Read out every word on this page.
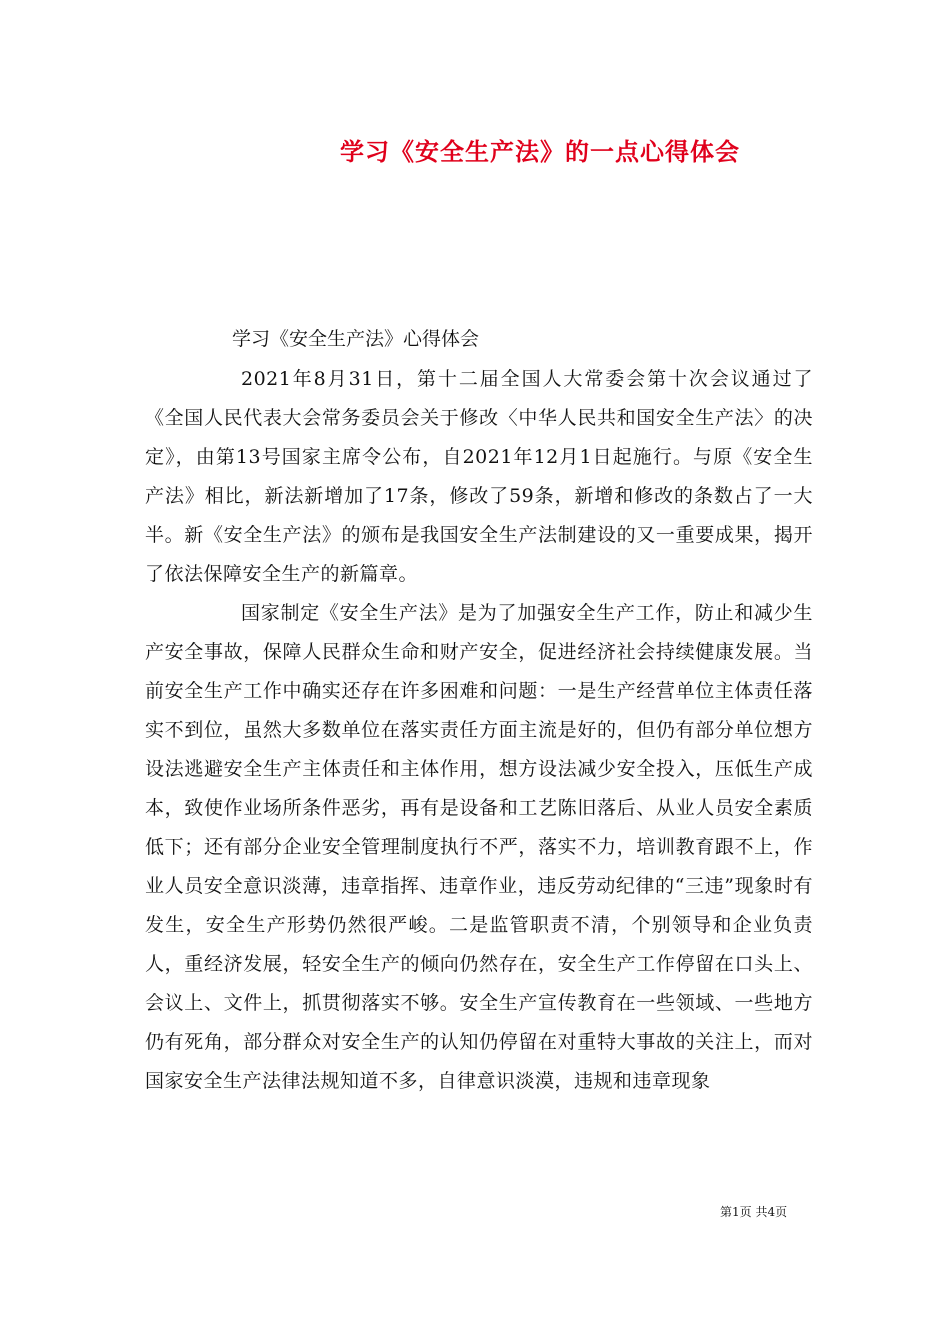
学习《安全生产法》的一点心得体会
学习《安全生产法》心得体会

2021年8月31日，第十二届全国人大常委会第十次会议通过了《全国人民代表大会常务委员会关于修改〈中华人民共和国安全生产法〉的决定》，由第13号国家主席令公布，自2021年12月1日起施行。与原《安全生产法》相比，新法新增加了17条，修改了59条，新增和修改的条数占了一大半。新《安全生产法》的颁布是我国安全生产法制建设的又一重要成果，揭开了依法保障安全生产的新篇章。

国家制定《安全生产法》是为了加强安全生产工作，防止和减少生产安全事故，保障人民群众生命和财产安全，促进经济社会持续健康发展。当前安全生产工作中确实还存在许多困难和问题：一是生产经营单位主体责任落实不到位，虽然大多数单位在落实责任方面主流是好的，但仍有部分单位想方设法逃避安全生产主体责任和主体作用，想方设法减少安全投入，压低生产成本，致使作业场所条件恶劣，再有是设备和工艺陈旧落后、从业人员安全素质低下；还有部分企业安全管理制度执行不严，落实不力，培训教育跟不上，作业人员安全意识淡薄，违章指挥、违章作业，违反劳动纪律的“三违”现象时有发生，安全生产形势仍然很严峻。二是监管职责不清，个别领导和企业负责人，重经济发展，轻安全生产的倾向仍然存在，安全生产工作停留在口头上、会议上、文件上，抓贯彻落实不够。安全生产宣传教育在一些领域、一些地方仍有死角，部分群众对安全生产的认知仍停留在对重特大事故的关注上，而对国家安全生产法律法规知道不多，自律意识淡漠，违规和违章现象

第1页 共4页
